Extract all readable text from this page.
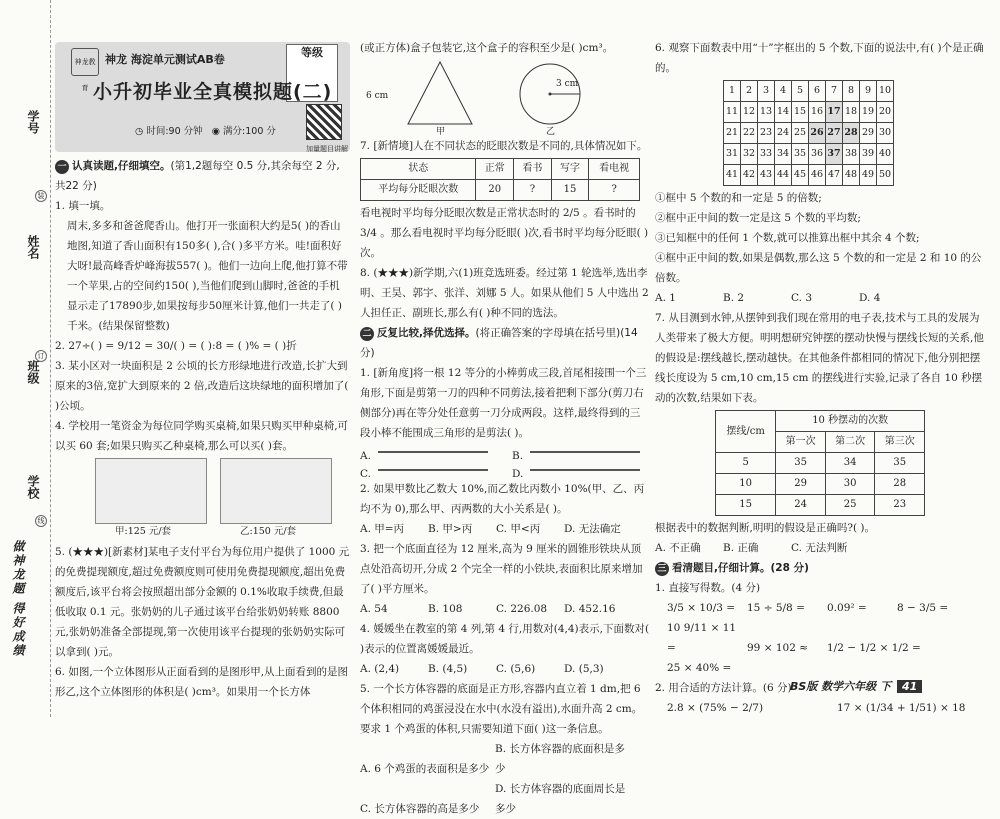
学号
姓名
班级
学校
装
订
线
做神龙题 得好成绩
神龙教育
神龙 海淀单元测试AB卷
等级
小升初毕业全真模拟题(二)
◷ 时间:90 分钟 ◉ 满分:100 分
加量题目讲解

一 认真读题,仔细填空。(第1,2题每空 0.5 分,其余每空 2 分,共22 分)

1. 填一填。

周末,多多和爸爸爬香山。他打开一张面积大约是5( )的香山地图,知道了香山面积有150多( ),合( )多平方米。哇!面积好大呀!最高峰香炉峰海拔557( )。他们一边向上爬,他打算不带一个苹果,占的空间约150( ),当他们爬到山脚时,爸爸的手机显示走了17890步,如果按每步50厘米计算,他们一共走了( )千米。(结果保留整数)

2. 27÷( ) = 9/12 = 30/( ) = ( ):8 = ( )% = ( )折

3. 某小区对一块面积是 2 公顷的长方形绿地进行改造,长扩大到原来的3倍,宽扩大到原来的 2 倍,改造后这块绿地的面积增加了( )公顷。

4. 学校用一笔资金为每位同学购买桌椅,如果只购买甲种桌椅,可以买 60 套;如果只购买乙种桌椅,那么可以买( )套。

甲:125 元/套	乙:150 元/套

5. (★★★)[新素材]某电子支付平台为每位用户提供了 1000 元的免费提现额度,超过免费额度则可使用免费提现额度,超出免费额度后,该平台将会按照超出部分金额的 0.1%收取手续费,但最低收取 0.1 元。张奶奶的儿子通过该平台给张奶奶转账 8800 元,张奶奶准备全部提现,第一次使用该平台提现的张奶奶实际可以拿到( )元。

6. 如图,一个立体图形从正面看到的是图形甲,从上面看到的是图形乙,这个立体图形的体积是( )cm³。如果用一个长方体

(或正方体)盒子包装它,这个盒子的容积至少是( )cm³。

6 cm
3 cm
甲	乙

7. [新情境]人在不同状态的眨眼次数是不同的,具体情况如下。

状态	正常	看书	写字	看电视
平均每分眨眼次数	20	?	15	?

看电视时平均每分眨眼次数是正常状态时的 2/5 。看书时的 3/4 。那么看电视时平均每分眨眼( )次,看书时平均每分眨眼( )次。

8. (★★★)新学期,六(1)班竞选班委。经过第 1 轮选举,选出李明、王昊、郭宇、张洋、刘娜 5 人。如果从他们 5 人中选出 2 人担任正、副班长,那么有( )种不同的选法。

二 反复比较,择优选择。(将正确答案的字母填在括号里)(14 分)

1. [新角度]将一根 12 等分的小棒剪成三段,首尾相接围一个三角形,下面是剪第一刀的四种不同剪法,接着把剩下部分(剪刀右侧部分)再在等分处任意剪一刀分成两段。这样,最终得到的三段小棒不能围成三角形的是剪法( )。

A.	B.
C.	D.

2. 如果甲数比乙数大 10%,而乙数比丙数小 10%(甲、乙、丙均不为 0),那么甲、丙两数的大小关系是( )。

A. 甲=丙 B. 甲>丙 C. 甲<丙 D. 无法确定

3. 把一个底面直径为 12 厘米,高为 9 厘米的圆锥形铁块从顶点处沿高切开,分成 2 个完全一样的小铁块,表面积比原来增加了( )平方厘米。

A. 54	B. 108	C. 226.08 D. 452.16

4. 媛媛坐在教室的第 4 列,第 4 行,用数对(4,4)表示,下面数对( )表示的位置离媛媛最近。

A. (2,4)	B. (4,5)	C. (5,6)	D. (5,3)

5. 一个长方体容器的底面是正方形,容器内直立着 1 dm,把 6 个体积相同的鸡蛋浸没在水中(水没有溢出),水面升高 2 cm。要求 1 个鸡蛋的体积,只需要知道下面( )这一条信息。

A. 6 个鸡蛋的表面积是多少B. 长方体容器的底面积是多少

C. 长方体容器的高是多少D. 长方体容器的底面周长是多少

6. 观察下面数表中用“十”字框出的 5 个数,下面的说法中,有( )个是正确的。

1	2	3	4	5	6	7	8	9	10
11	12	13	14	15	16	17	18	19	20
21	22	23	24	25	26	27	28	29	30
31	32	33	34	35	36	37	38	39	40
41	42	43	44	45	46	47	48	49	50

①框中 5 个数的和一定是 5 的倍数;

②框中正中间的数一定是这 5 个数的平均数;

③已知框中的任何 1 个数,就可以推算出框中其余 4 个数;

④框中正中间的数,如果是偶数,那么这 5 个数的和一定是 2 和 10 的公倍数。

A. 1	B. 2	C. 3	D. 4

7. 从目测到水钟,从摆钟到我们现在常用的电子表,技术与工具的发展为人类带来了极大方便。明明想研究钟摆的摆动快慢与摆线长短的关系,他的假设是:摆线越长,摆动越快。在其他条件都相同的情况下,他分别把摆线长度设为 5 cm,10 cm,15 cm 的摆线进行实验,记录了各自 10 秒摆动的次数,结果如下表。

摆线/cm	10 秒摆动的次数		
	第一次	第二次	第三次
5	35	34	35
10	29	30	28
15	24	25	23

根据表中的数据判断,明明的假设是正确吗?( )。

A. 不正确 B. 正确	C. 无法判断

三 看清题目,仔细计算。(28 分)

1. 直接写得数。(4 分)

3/5 × 10/3 = 15 ÷ 5/8 = 0.09² =	8 − 3/5 =

10 9/11 × 11 =	99 × 102 ≈ 1/2 − 1/2 × 1/2 =25 × 40% =

2. 用合适的方法计算。(6 分)

2.8 × (75% − 2/7)	17 × (1/34 + 1/51) × 18

BS版 数学六年级 下 41
